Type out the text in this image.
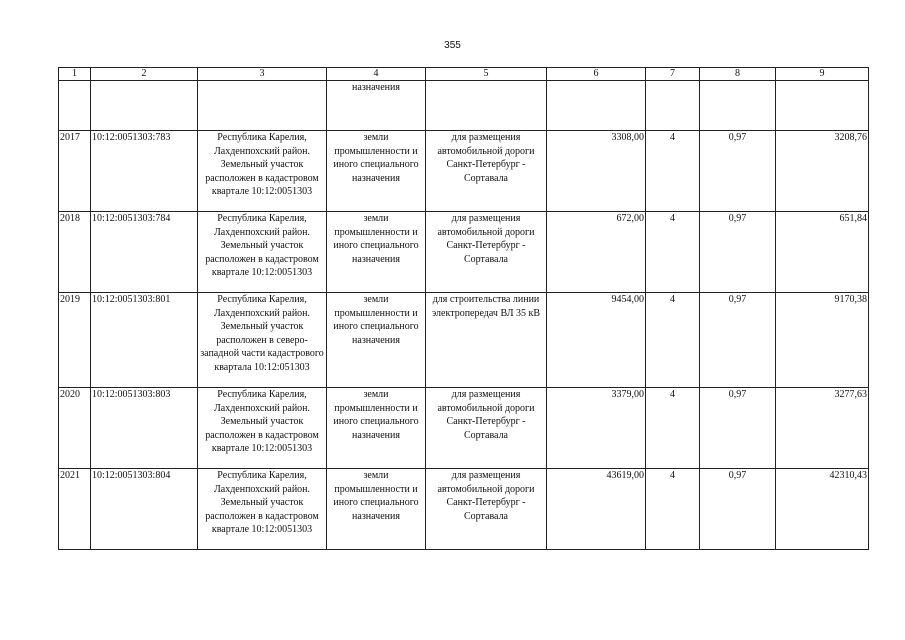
355
1	2	3	4	5	6	7	8	9
			назначения					
2017	10:12:0051303:783	Республика Карелия, Лахденпохский район. Земельный участок расположен в кадастровом квартале 10:12:0051303	земли промышленности и иного специального назначения	для размещения автомобильной дороги Санкт-Петербург - Сортавала	3308,00	4	0,97	3208,76
2018	10:12:0051303:784	Республика Карелия, Лахденпохский район. Земельный участок расположен в кадастровом квартале 10:12:0051303	земли промышленности и иного специального назначения	для размещения автомобильной дороги Санкт-Петербург - Сортавала	672,00	4	0,97	651,84
2019	10:12:0051303:801	Республика Карелия, Лахденпохский район. Земельный участок расположен в северо-западной части кадастрового квартала 10:12:051303	земли промышленности и иного специального назначения	для строительства линии электропередач ВЛ 35 кВ	9454,00	4	0,97	9170,38
2020	10:12:0051303:803	Республика Карелия, Лахденпохский район. Земельный участок расположен в кадастровом квартале 10:12:0051303	земли промышленности и иного специального назначения	для размещения автомобильной дороги Санкт-Петербург - Сортавала	3379,00	4	0,97	3277,63
2021	10:12:0051303:804	Республика Карелия, Лахденпохский район. Земельный участок расположен в кадастровом квартале 10:12:0051303	земли промышленности и иного специального назначения	для размещения автомобильной дороги Санкт-Петербург - Сортавала	43619,00	4	0,97	42310,43
